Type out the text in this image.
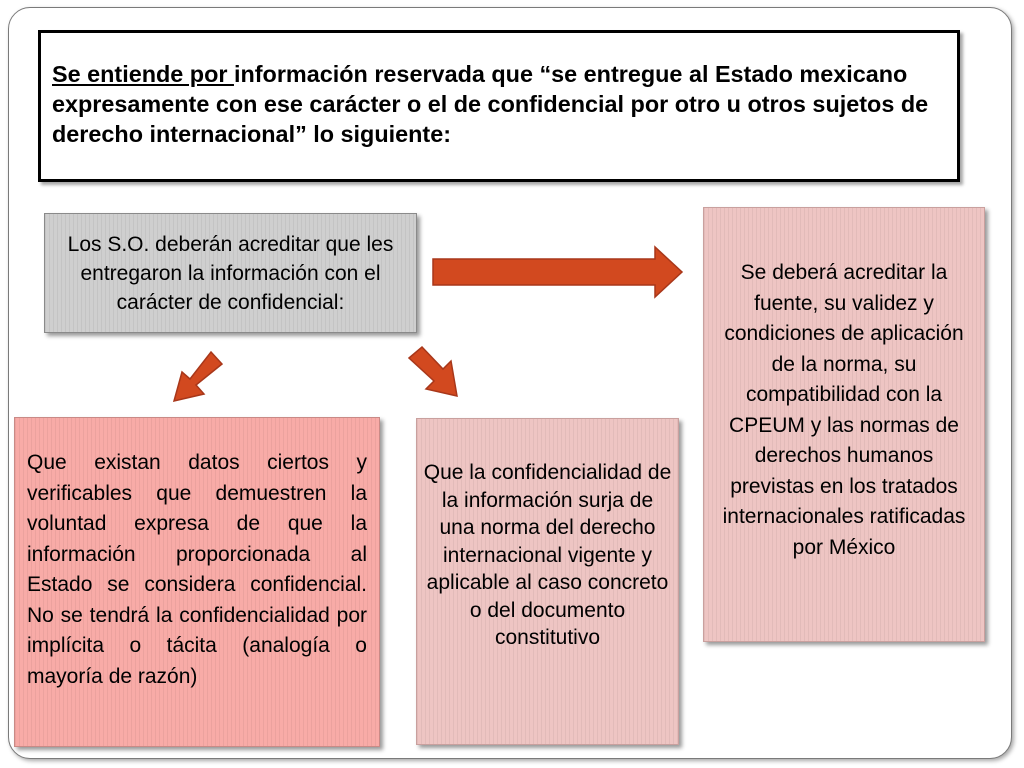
Se entiende por información reservada que “se entregue al Estado mexicano expresamente con ese carácter o el de confidencial por otro u otros sujetos de derecho internacional” lo siguiente:

Los S.O. deberán acreditar que les entregaron la información con el carácter de confidencial:
Que existan datos ciertos y verificables que demuestren la voluntad expresa de que la información proporcionada al Estado se considera confidencial. No se tendrá la confidencialidad por implícita o tácita (analogía o mayoría de razón)
Que la confidencialidad de la información surja de una norma del derecho internacional vigente y aplicable al caso concreto o del documento constitutivo
Se deberá acreditar la fuente, su validez y condiciones de aplicación de la norma, su compatibilidad con la CPEUM y las normas de derechos humanos previstas en los tratados internacionales ratificadas por México
